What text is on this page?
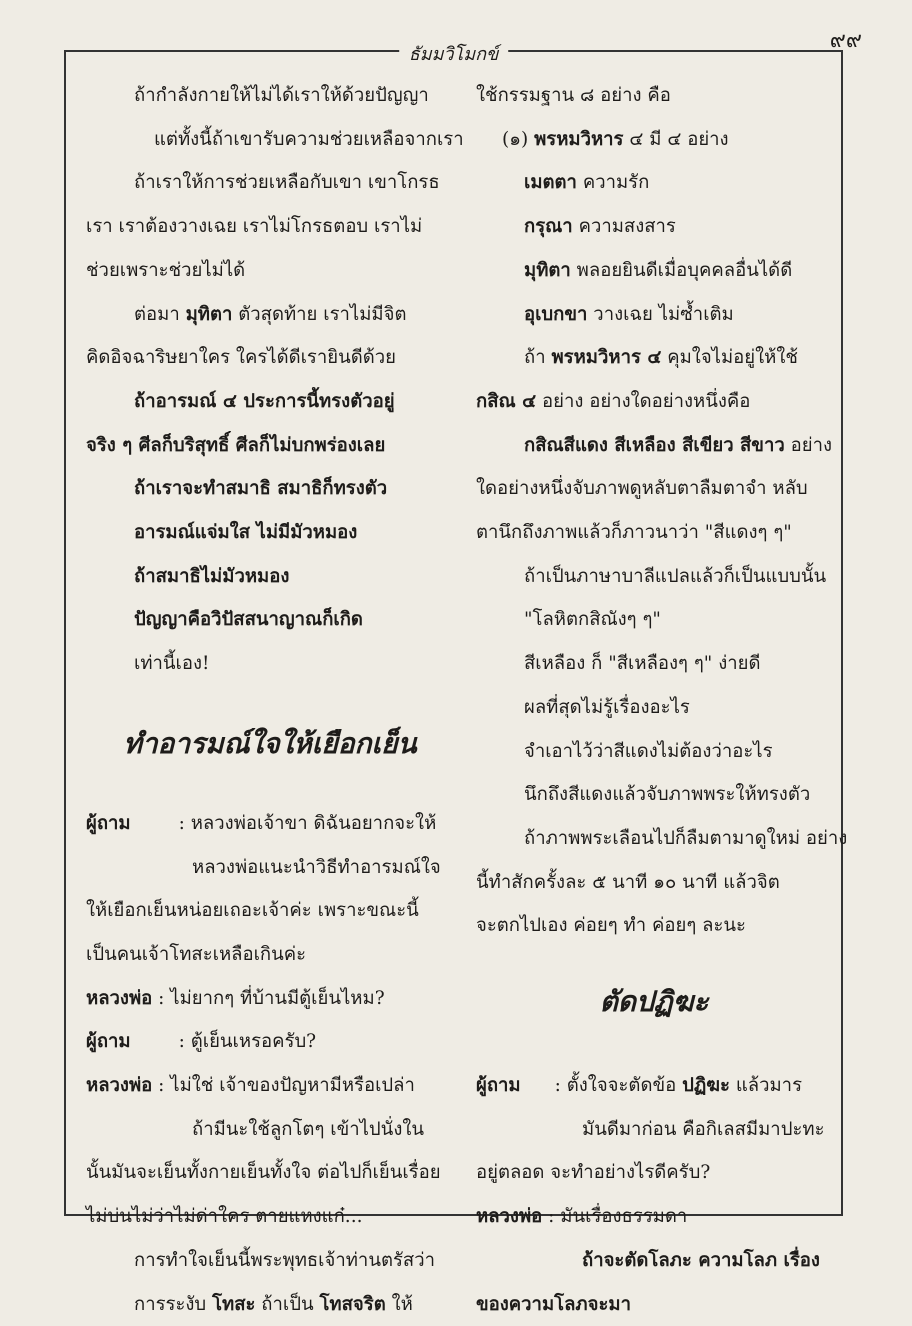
๙๙
ธัมมวิโมกข์

ถ้ากำลังกายให้ไม่ได้เราให้ด้วยปัญญา

แต่ทั้งนี้ถ้าเขารับความช่วยเหลือจากเรา

ถ้าเราให้การช่วยเหลือกับเขา เขาโกรธ

เรา เราต้องวางเฉย เราไม่โกรธตอบ เราไม่

ช่วยเพราะช่วยไม่ได้

ต่อมา มุทิตา ตัวสุดท้าย เราไม่มีจิต

คิดอิจฉาริษยาใคร ใครได้ดีเรายินดีด้วย

ถ้าอารมณ์ ๔ ประการนี้ทรงตัวอยู่

จริง ๆ ศีลก็บริสุทธิ์ ศีลก็ไม่บกพร่องเลย

ถ้าเราจะทำสมาธิ สมาธิก็ทรงตัว

อารมณ์แจ่มใส ไม่มีมัวหมอง

ถ้าสมาธิไม่มัวหมอง

ปัญญาคือวิปัสสนาญาณก็เกิด

เท่านี้เอง!

ทำอารมณ์ใจให้เยือกเย็น

ผู้ถาม	: หลวงพ่อเจ้าขา ดิฉันอยากจะให้

หลวงพ่อแนะนำวิธีทำอารมณ์ใจ

ให้เยือกเย็นหน่อยเถอะเจ้าค่ะ เพราะขณะนี้

เป็นคนเจ้าโทสะเหลือเกินค่ะ

หลวงพ่อ : ไม่ยากๆ ที่บ้านมีตู้เย็นไหม?

ผู้ถาม	: ตู้เย็นเหรอครับ?

หลวงพ่อ : ไม่ใช่ เจ้าของปัญหามีหรือเปล่า

ถ้ามีนะใช้ลูกโตๆ เข้าไปนั่งใน

นั้นมันจะเย็นทั้งกายเย็นทั้งใจ ต่อไปก็เย็นเรื่อย

ไม่บ่นไม่ว่าไม่ด่าใคร ตายแหงแก๋...

การทำใจเย็นนี้พระพุทธเจ้าท่านตรัสว่า

การระงับ โทสะ ถ้าเป็น โทสจริต ให้

ใช้กรรมฐาน ๘ อย่าง คือ

(๑) พรหมวิหาร ๔ มี ๔ อย่าง

เมตตา ความรัก

กรุณา ความสงสาร

มุทิตา พลอยยินดีเมื่อบุคคลอื่นได้ดี

อุเบกขา วางเฉย ไม่ซ้ำเติม

ถ้า พรหมวิหาร ๔ คุมใจไม่อยู่ให้ใช้

กสิณ ๔ อย่าง อย่างใดอย่างหนึ่งคือ

กสิณสีแดง สีเหลือง สีเขียว สีขาว อย่าง

ใดอย่างหนึ่งจับภาพดูหลับตาลืมตาจำ หลับ

ตานึกถึงภาพแล้วก็ภาวนาว่า "สีแดงๆ ๆ"

ถ้าเป็นภาษาบาลีแปลแล้วก็เป็นแบบนั้น

"โลหิตกสิณังๆ ๆ"

สีเหลือง ก็ "สีเหลืองๆ ๆ" ง่ายดี

ผลที่สุดไม่รู้เรื่องอะไร

จำเอาไว้ว่าสีแดงไม่ต้องว่าอะไร

นึกถึงสีแดงแล้วจับภาพพระให้ทรงตัว

ถ้าภาพพระเลือนไปก็ลืมตามาดูใหม่ อย่าง

นี้ทำสักครั้งละ ๕ นาที ๑๐ นาที แล้วจิต

จะตกไปเอง ค่อยๆ ทำ ค่อยๆ ละนะ

ตัดปฏิฆะ

ผู้ถาม : ตั้งใจจะตัดข้อ ปฏิฆะ แล้วมาร

มันดีมาก่อน คือกิเลสมีมาปะทะ

อยู่ตลอด จะทำอย่างไรดีครับ?

หลวงพ่อ : มันเรื่องธรรมดา

ถ้าจะตัดโลภะ ความโลภ เรื่อง

ของความโลภจะมา
